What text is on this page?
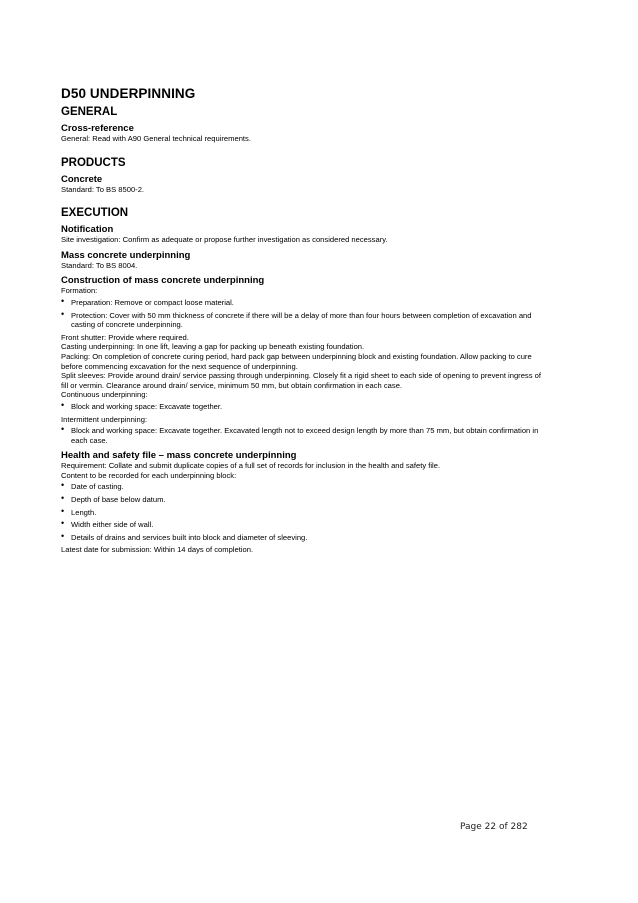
D50 UNDERPINNING
GENERAL
Cross-reference
General: Read with A90 General technical requirements.
PRODUCTS
Concrete
Standard: To BS 8500-2.
EXECUTION
Notification
Site investigation: Confirm as adequate or propose further investigation as considered necessary.
Mass concrete underpinning
Standard: To BS 8004.
Construction of mass concrete underpinning
Formation:
• Preparation: Remove or compact loose material.
• Protection: Cover with 50 mm thickness of concrete if there will be a delay of more than four hours between completion of excavation and casting of concrete underpinning.
Front shutter: Provide where required.
Casting underpinning: In one lift, leaving a gap for packing up beneath existing foundation.
Packing: On completion of concrete curing period, hard pack gap between underpinning block and existing foundation. Allow packing to cure before commencing excavation for the next sequence of underpinning.
Split sleeves: Provide around drain/ service passing through underpinning. Closely fit a rigid sheet to each side of opening to prevent ingress of fill or vermin. Clearance around drain/ service, minimum 50 mm, but obtain confirmation in each case.
Continuous underpinning:
• Block and working space: Excavate together.
Intermittent underpinning:
• Block and working space: Excavate together. Excavated length not to exceed design length by more than 75 mm, but obtain confirmation in each case.
Health and safety file – mass concrete underpinning
Requirement: Collate and submit duplicate copies of a full set of records for inclusion in the health and safety file.
Content to be recorded for each underpinning block:
• Date of casting.
• Depth of base below datum.
• Length.
• Width either side of wall.
• Details of drains and services built into block and diameter of sleeving.
Latest date for submission: Within 14 days of completion.
Page 22 of 282
